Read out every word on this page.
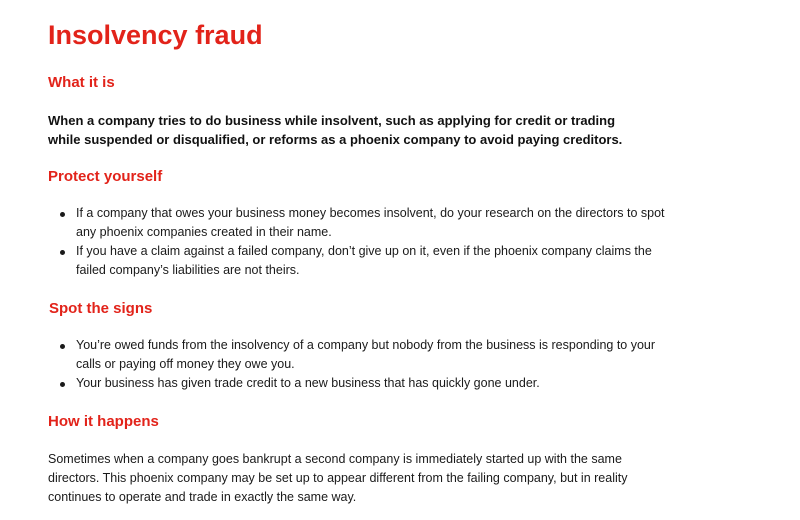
Insolvency fraud
What it is

When a company tries to do business while insolvent, such as applying for credit or trading while suspended or disqualified, or reforms as a phoenix company to avoid paying creditors.

Protect yourself
If a company that owes your business money becomes insolvent, do your research on the directors to spot any phoenix companies created in their name.
If you have a claim against a failed company, don’t give up on it, even if the phoenix company claims the failed company’s liabilities are not theirs.
Spot the signs
You’re owed funds from the insolvency of a company but nobody from the business is responding to your calls or paying off money they owe you.
Your business has given trade credit to a new business that has quickly gone under.
How it happens

Sometimes when a company goes bankrupt a second company is immediately started up with the same directors. This phoenix company may be set up to appear different from the failing company, but in reality continues to operate and trade in exactly the same way.
